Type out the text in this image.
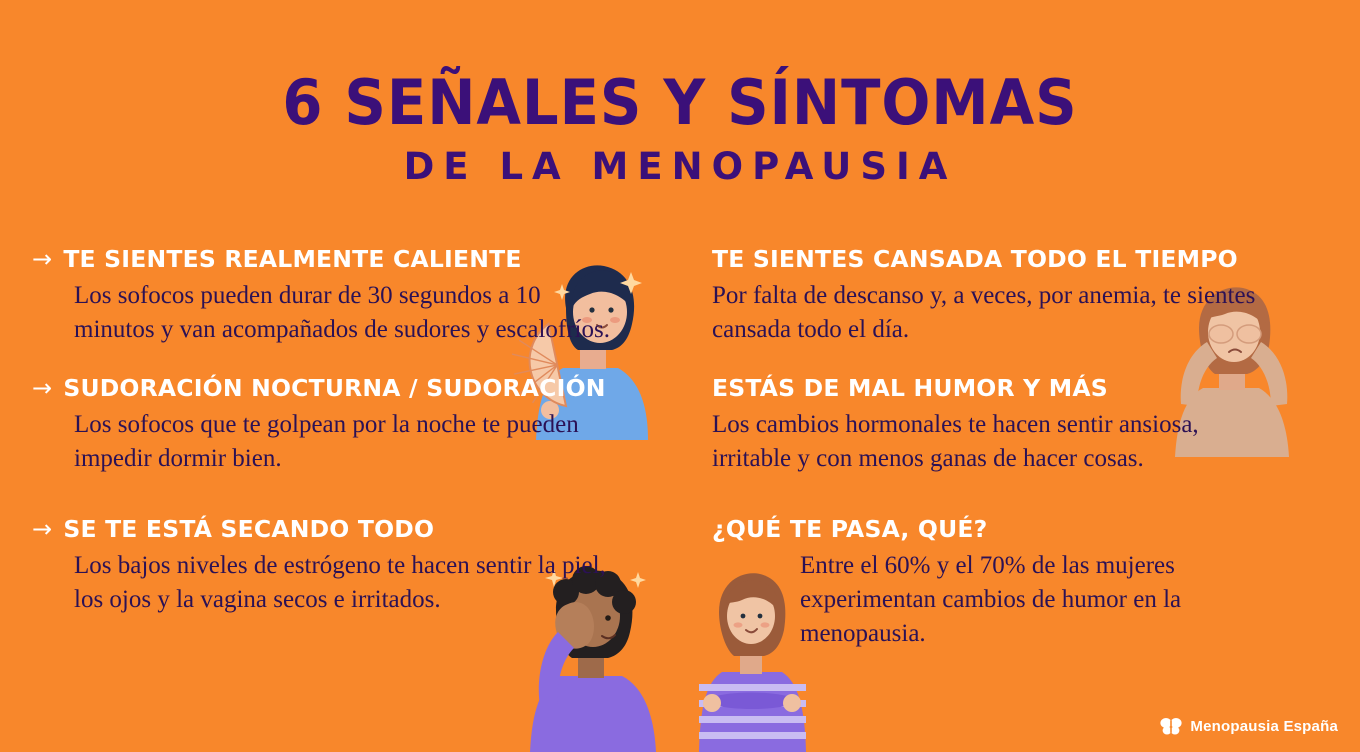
6 SEÑALES Y SÍNTOMAS
DE LA MENOPAUSIA
→ TE SIENTES REALMENTE CALIENTE
Los sofocos pueden durar de 30 segundos a 10 minutos y van acompañados de sudores y escalofríos.
→ SUDORACIÓN NOCTURNA / SUDORACIÓN
Los sofocos que te golpean por la noche te pueden impedir dormir bien.
→ SE TE ESTÁ SECANDO TODO
Los bajos niveles de estrógeno te hacen sentir la piel, los ojos y la vagina secos e irritados.
TE SIENTES CANSADA TODO EL TIEMPO
Por falta de descanso y, a veces, por anemia, te sientes cansada todo el día.
ESTÁS DE MAL HUMOR Y MÁS
Los cambios hormonales te hacen sentir ansiosa, irritable y con menos ganas de hacer cosas.
¿QUÉ TE PASA, QUÉ?
Entre el 60% y el 70% de las mujeres experimentan cambios de humor en la menopausia.
Menopausia España
